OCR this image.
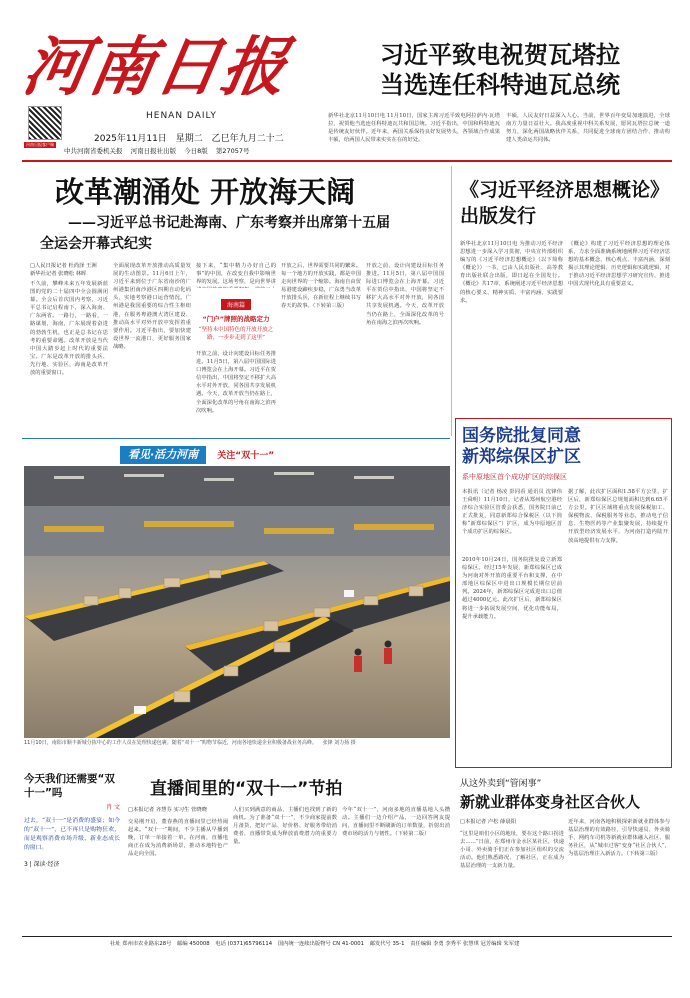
河南日报
HENAN DAILY
河南日报客户端
2025年11月11日 星期二 乙巳年九月二十二
中共河南省委机关报 河南日报社出版 今日8版 第27057号
习近平致电祝贺瓦塔拉
当选连任科特迪瓦总统
新华社北京11月10日电 11月10日，国家主席习近平致电阿拉萨内·瓦塔拉，祝贺他当选连任科特迪瓦共和国总统。习近平指出，中国和科特迪瓦是传统友好伙伴。近年来，两国关系保持良好发展势头，各领域合作成果丰硕，给两国人民带来实实在在的好处。
丰硕，人民友好日益深入人心。当前，世界百年变局加速演进，全球南方力量日益壮大。我高度重视中科关系发展，愿同瓦塔拉总统一道努力，深化两国战略伙伴关系，共同促进全球南方团结合作，推动构建人类命运共同体。
改革潮涌处 开放海天阔
——习近平总书记赴海南、广东考察并出席第十五届
全运会开幕式纪实
□人民日报记者 杜尚泽 王洲
新华社记者 张晓松 林晖
不久前，攀峰未来五年发展新蓝图的党的二十届四中全会圆满闭幕。全会后首次国内考察，习近平总书记启程南下，深入海南、广东两省。一路行，一路看，一路谋划，海南、广东展现着奋进的勃勃生机，也正是总书记在思考的重要命题。改革开放是当代中国大踏步赶上时代的重要法宝。广东是改革开放的排头兵、先行地、实验区，海南是改革开放的重要窗口。
全面展现改革开放推动高质量发展的生动图景。11月6日上午，习近平来到位于广东省南沙的广州港集团南沙港区四期自动化码头，实地考察港口运营情况。广州港是我国重要的综合性主枢纽港，在服务粤港澳大湾区建设、推动高水平对外开放中发挥着重要作用。习近平指出，要加快建设世界一流港口，更好服务国家战略。
接下来，“集中精力办好自己的事”的中国，在改变自我中影响世界的发展。这场考察，是向世界讲
海南篇
“门户”牌照的战略定力
“坚持未中国特色的开放开放之路，一步步走到了这里”
开放之前，设计向建设目标任务推进。11月5日，第八届中国国际进口博览会在上海开幕。习近平在贺信中指出，中国将坚定不移扩大高水平对外开放，同各国共享发展机遇。今天，改革开放当仍在路上，全面深化改革的号角在南海之滨再次吹响。
开放之后，世界需要共同的繁荣。每一个地方的开放实践，都是中国走向世界的一个缩影。海南自由贸易港建设蹄疾步稳，广东勇当改革开放排头兵，在新征程上继续书写春天的故事。（下转第三版）
开放之前，设计向建设目标任务推进。11月5日，第八届中国国际进口博览会在上海开幕。习近平在贺信中指出，中国将坚定不移扩大高水平对外开放，同各国共享发展机遇。今天，改革开放当仍在路上，全面深化改革的号角在南海之滨再次吹响。
《习近平经济思想概论》
出版发行
新华社北京11月10日电 为推动习近平经济思想进一步深入学习贯彻，中央宣传部组织编写的《习近平经济思想概论》（以下简称《概论》）一书，已由人民出版社、高等教育出版社联合出版，即日起在全国发行。《概论》共17章，系统阐述习近平经济思想的核心要义、精神实质、丰富内涵、实践要求。
《概论》构建了习近平经济思想的理论体系，力求全面准确系统地阐释习近平经济思想的基本概念、核心观点、丰富内涵，深刻揭示其理论逻辑、历史逻辑和实践逻辑，对于推动习近平经济思想学习研究宣传、推进中国式现代化具有重要意义。
国务院批复同意
新郑综保区扩区
系中原地区首个成功扩区的综保区
本报讯（记者 杨凌 彭同看 通讯员 沈锋伟 王舜明）11月10日，记者从郑州航空港经济综合实验区管委会获悉，国务院日前已正式批复，同意新郑综合保税区（以下简称“新郑综保区”）扩区，成为中原地区首个成功扩区的综保区。
2010年10月24日，国务院批复设立新郑综保区。经过15年发展，新郑综保区已成为河南对外开放的重要平台和支撑，在中部地区综保区中进出口规模长期位居前列。2024年，新郑综保区完成进出口总值超过4000亿元。此次扩区后，新郑综保区将进一步拓展发展空间，优化功能布局，提升承载能力。
据了解，此次扩区面积1.58平方公里，扩区后，新郑综保区总规划面积达到6.65平方公里。扩区区域将重点发展保税加工、保税物流、保税服务等业态，推动电子信息、生物医药等产业集聚发展，持续提升开放型经济发展水平，为河南打造内陆开放高地提供有力支撑。
看见·活力河南 关注“双十一”
11月10日，南阳市顺丰新城分拣中心的工作人员在处理快递包裹。随着“双十一”购物节临近，河南各地快递企业积极备战业务高峰。 张锋 刘力扬 摄
今天我们还需要“双十一”吗
肖 文
过去，“双十一”是消费的盛宴；如今的“双十一”，已不再只是购物狂欢，而是观察消费市场升级、新业态成长的窗口。
3 | 深读·经济
直播间里的“双十一”节拍
□本报记者 齐慧芬 实习生 菅晓晓
交易刚开启，董春燕的直播间里已经热闹起来。“双十一”期间，不少主播从早播到晚，订单一单接着一单。在河南，直播电商正在成为消费新场景，推动本地特色产品走向全国。
人们买到满意的商品，主播们也找到了新的商机。为了准备“双十一”，不少商家提前数月备货，把好产品、好价格、好服务带给消费者，直播带货成为释放消费潜力的重要力量。
今年“双十一”，河南多地的直播基地人头攒动。主播们一边介绍产品，一边回答网友提问，直播间里不断刷新的订单数量，折射出消费市场的活力与韧性。（下转第二版）
从这外卖到“管闲事”
新就业群体变身社区合伙人
□本报记者 卢松 薛晨阳
“这里是咱们小区的地址，要在这个路口拐进去……”日前，在郑州市金水区某社区，快递小哥、外卖骑手们正在参加社区组织的交流活动。他们熟悉路况、了解社区，正在成为基层治理的一支新力量。
近年来，河南各地积极探索新就业群体参与基层治理的有效路径，引导快递员、外卖骑手、网约车司机等新就业群体融入社区、服务社区，从“城市过客”变身“社区合伙人”，为基层治理注入新活力。（下转第三版）
社址 郑州市农业路东28号 邮编 450008 电话 (0371)65796114 国内统一连续出版物号 CN 41-0001 邮发代号 35-1 责任编辑 李勇 李秀平 张慧琪 冠芳编辑 朱军建
